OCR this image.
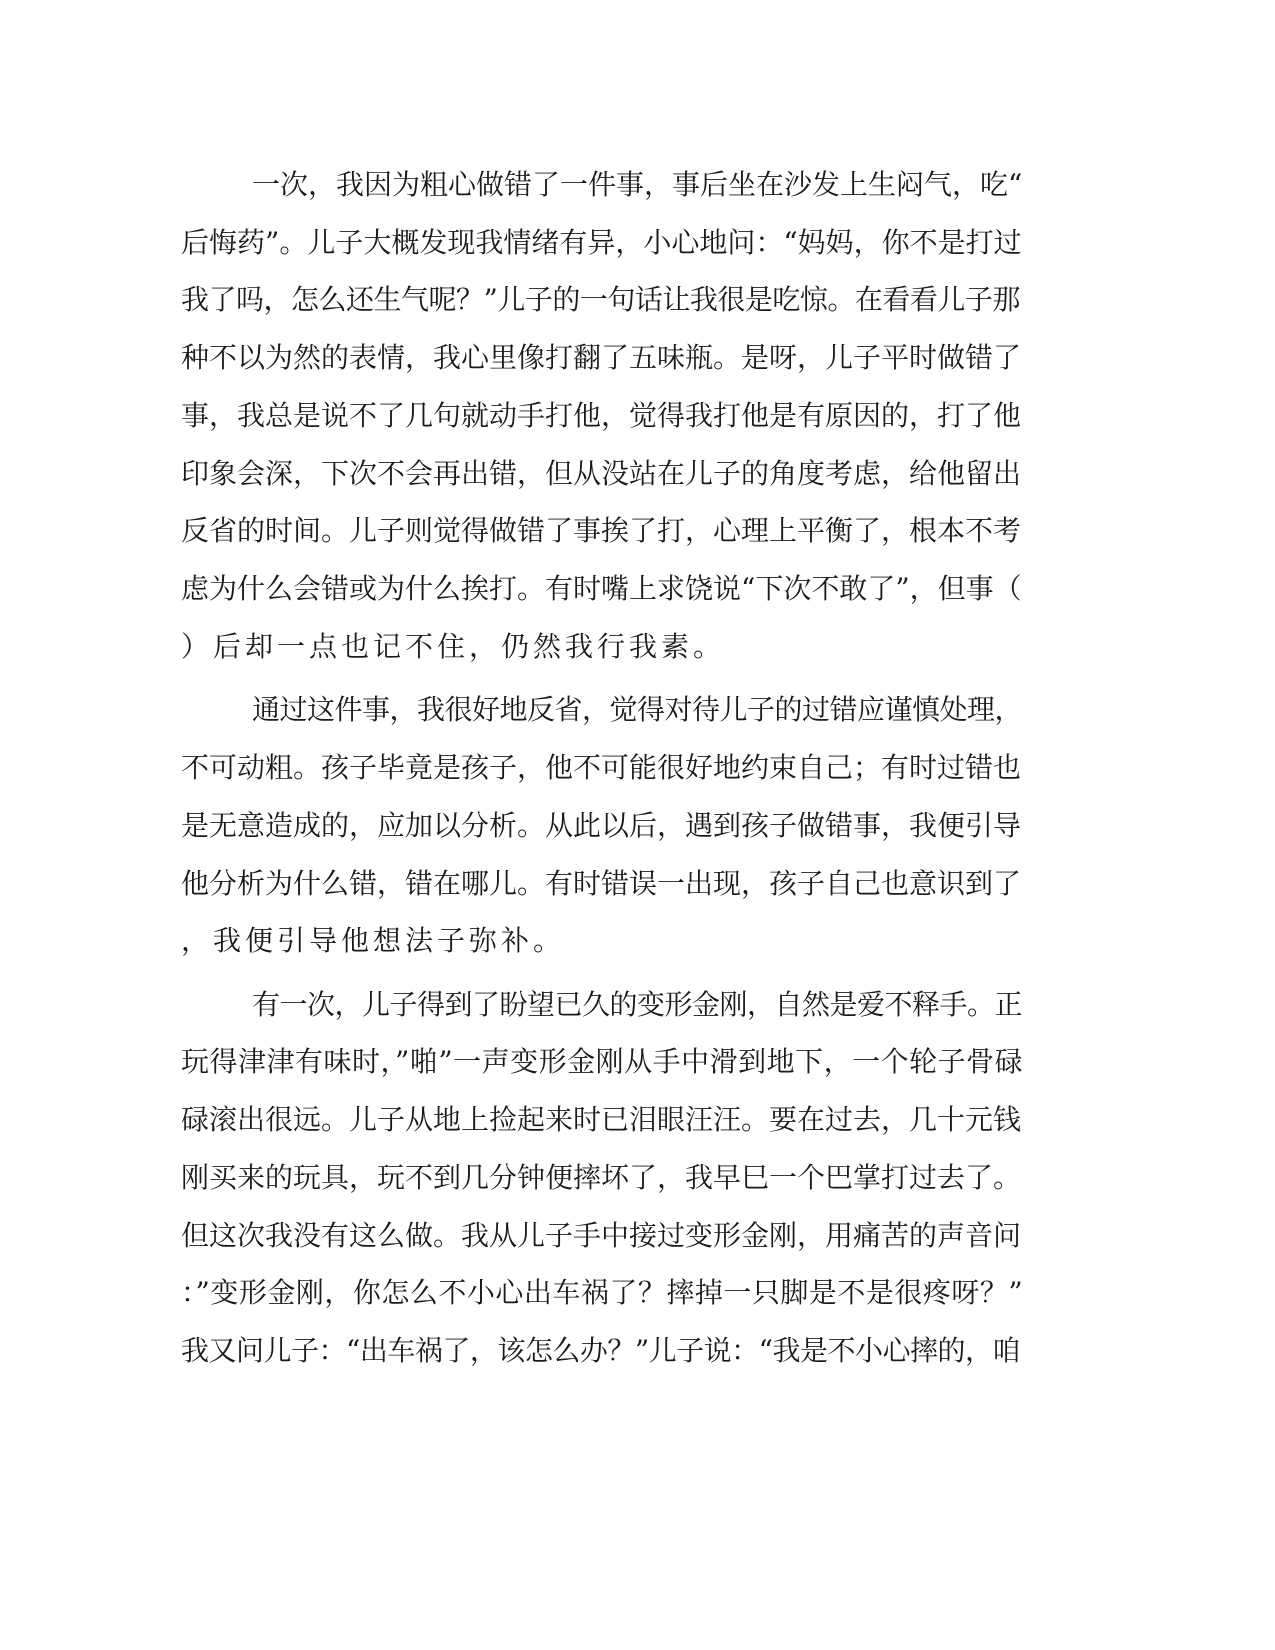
一次，我因为粗心做错了一件事，事后坐在沙发上生闷气，吃“

后悔药”。儿子大概发现我情绪有异，小心地问：“妈妈，你不是打过

我了吗，怎么还生气呢？”儿子的一句话让我很是吃惊。在看看儿子那

种不以为然的表情，我心里像打翻了五味瓶。是呀，儿子平时做错了

事，我总是说不了几句就动手打他，觉得我打他是有原因的，打了他

印象会深，下次不会再出错，但从没站在儿子的角度考虑，给他留出

反省的时间。儿子则觉得做错了事挨了打，心理上平衡了，根本不考

虑为什么会错或为什么挨打。有时嘴上求饶说“下次不敢了”，但事（

）后却一点也记不住，仍然我行我素。

通过这件事，我很好地反省，觉得对待儿子的过错应谨慎处理，

不可动粗。孩子毕竟是孩子，他不可能很好地约束自己；有时过错也

是无意造成的，应加以分析。从此以后，遇到孩子做错事，我便引导

他分析为什么错，错在哪儿。有时错误一出现，孩子自己也意识到了

，我便引导他想法子弥补。

有一次，儿子得到了盼望已久的变形金刚，自然是爱不释手。正

玩得津津有味时，”啪”一声变形金刚从手中滑到地下，一个轮子骨碌

碌滚出很远。儿子从地上捡起来时已泪眼汪汪。要在过去，几十元钱

刚买来的玩具，玩不到几分钟便摔坏了，我早巳一个巴掌打过去了。

但这次我没有这么做。我从儿子手中接过变形金刚，用痛苦的声音问

：”变形金刚，你怎么不小心出车祸了？摔掉一只脚是不是很疼呀？”

我又问儿子：“出车祸了，该怎么办？”儿子说：“我是不小心摔的，咱
